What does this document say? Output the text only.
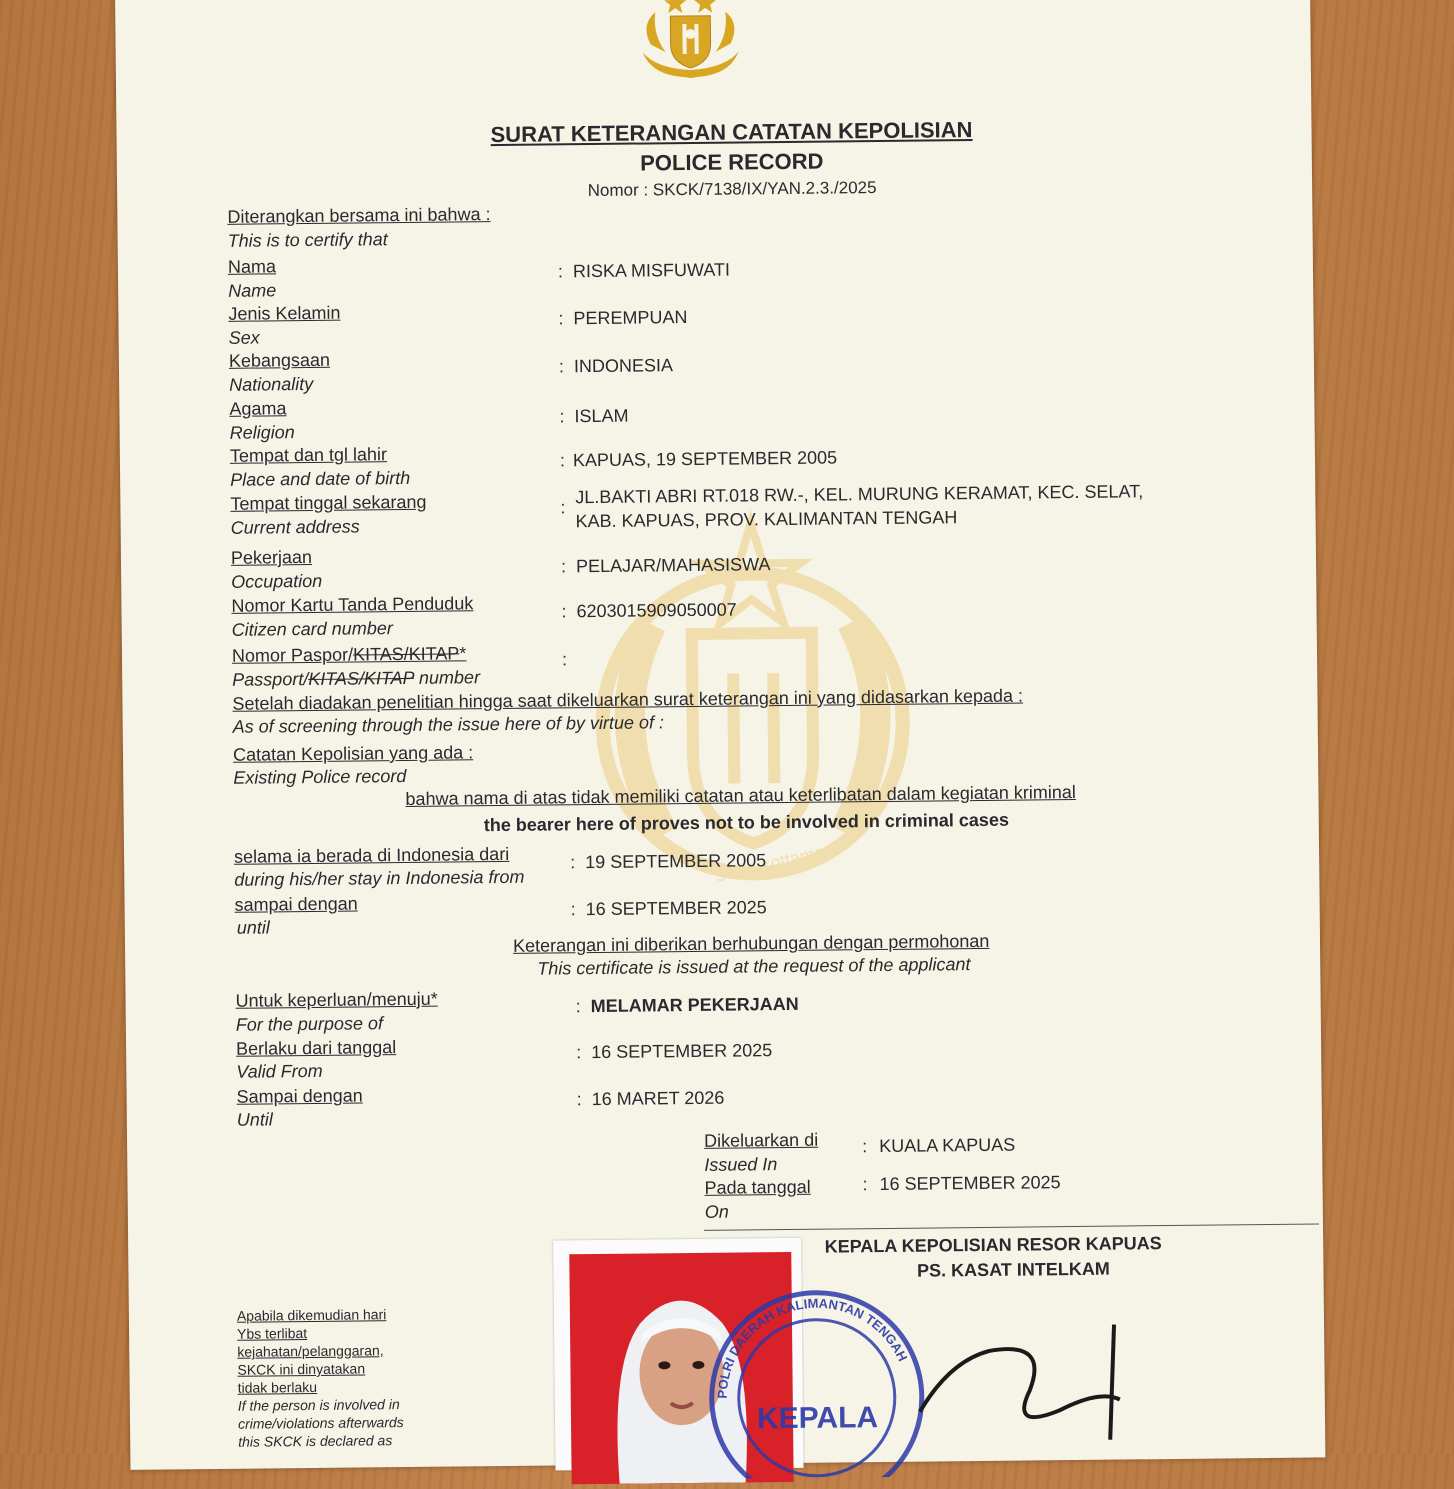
sewa kottama
SURAT KETERANGAN CATATAN KEPOLISIAN
POLICE RECORD
Nomor : SKCK/7138/IX/YAN.2.3./2025
Diterangkan bersama ini bahwa :
This is to certify that
Nama
Name
: RISKA MISFUWATI
Jenis Kelamin
Sex
: PEREMPUAN
Kebangsaan
Nationality
: INDONESIA
Agama
Religion
: ISLAM
Tempat dan tgl lahir
Place and date of birth
: KAPUAS, 19 SEPTEMBER 2005
Tempat tinggal sekarang
Current address
:
JL.BAKTI ABRI RT.018 RW.-, KEL. MURUNG KERAMAT, KEC. SELAT,
KAB. KAPUAS, PROV. KALIMANTAN TENGAH
Pekerjaan
Occupation
: PELAJAR/MAHASISWA
Nomor Kartu Tanda Penduduk
Citizen card number
: 6203015909050007
Nomor Paspor/KITAS/KITAP*
Passport/KITAS/KITAP number
:
Setelah diadakan penelitian hingga saat dikeluarkan surat keterangan ini yang didasarkan kepada :
As of screening through the issue here of by virtue of :
Catatan Kepolisian yang ada :
Existing Police record
bahwa nama di atas tidak memiliki catatan atau keterlibatan dalam kegiatan kriminal
the bearer here of proves not to be involved in criminal cases
selama ia berada di Indonesia dari
during his/her stay in Indonesia from
: 19 SEPTEMBER 2005
sampai dengan
until
: 16 SEPTEMBER 2025
Keterangan ini diberikan berhubungan dengan permohonan
This certificate is issued at the request of the applicant
Untuk keperluan/menuju*
For the purpose of
: MELAMAR PEKERJAAN
Berlaku dari tanggal
Valid From
: 16 SEPTEMBER 2025
Sampai dengan
Until
: 16 MARET 2026
Dikeluarkan di
Issued In
: KUALA KAPUAS
Pada tanggal
On
: 16 SEPTEMBER 2025
KEPALA KEPOLISIAN RESOR KAPUAS
PS. KASAT INTELKAM
Apabila dikemudian hari
Ybs terlibat
kejahatan/pelanggaran,
SKCK ini dinyatakan
tidak berlaku
If the person is involved in
crime/violations afterwards
this SKCK is declared as
POLRI DAERAH KALIMANTAN TENGAH
KEPALA
